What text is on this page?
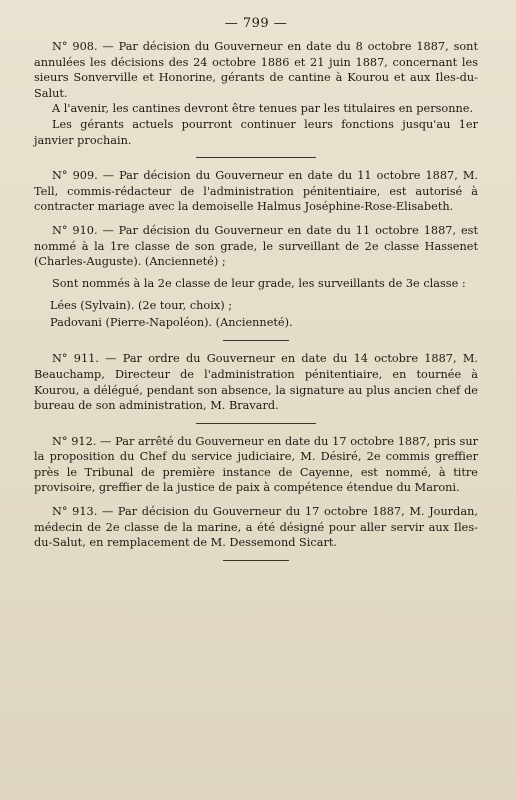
— 799 —

N° 908. — Par décision du Gouverneur en date du 8 octobre 1887, sont annulées les décisions des 24 octobre 1886 et 21 juin 1887, concernant les sieurs Sonverville et Honorine, gérants de cantine à Kourou et aux Iles-du-Salut.

A l'avenir, les cantines devront être tenues par les titulaires en personne.

Les gérants actuels pourront continuer leurs fonctions jusqu'au 1er janvier prochain.

N° 909. — Par décision du Gouverneur en date du 11 octobre 1887, M. Tell, commis-rédacteur de l'administration pénitentiaire, est autorisé à contracter mariage avec la demoiselle Halmus Joséphine-Rose-Elisabeth.

N° 910. — Par décision du Gouverneur en date du 11 octobre 1887, est nommé à la 1re classe de son grade, le surveillant de 2e classe Hassenet (Charles-Auguste). (Ancienneté) ;

Sont nommés à la 2e classe de leur grade, les surveillants de 3e classe :

Lées (Sylvain). (2e tour, choix) ;
Padovani (Pierre-Napoléon). (Ancienneté).

N° 911. — Par ordre du Gouverneur en date du 14 octobre 1887, M. Beauchamp, Directeur de l'administration pénitentiaire, en tournée à Kourou, a délégué, pendant son absence, la signature au plus ancien chef de bureau de son administration, M. Bravard.

N° 912. — Par arrêté du Gouverneur en date du 17 octobre 1887, pris sur la proposition du Chef du service judiciaire, M. Désiré, 2e commis greffier près le Tribunal de première instance de Cayenne, est nommé, à titre provisoire, greffier de la justice de paix à compétence étendue du Maroni.

N° 913. — Par décision du Gouverneur du 17 octobre 1887, M. Jourdan, médecin de 2e classe de la marine, a été désigné pour aller servir aux Iles-du-Salut, en remplacement de M. Dessemond Sicart.
